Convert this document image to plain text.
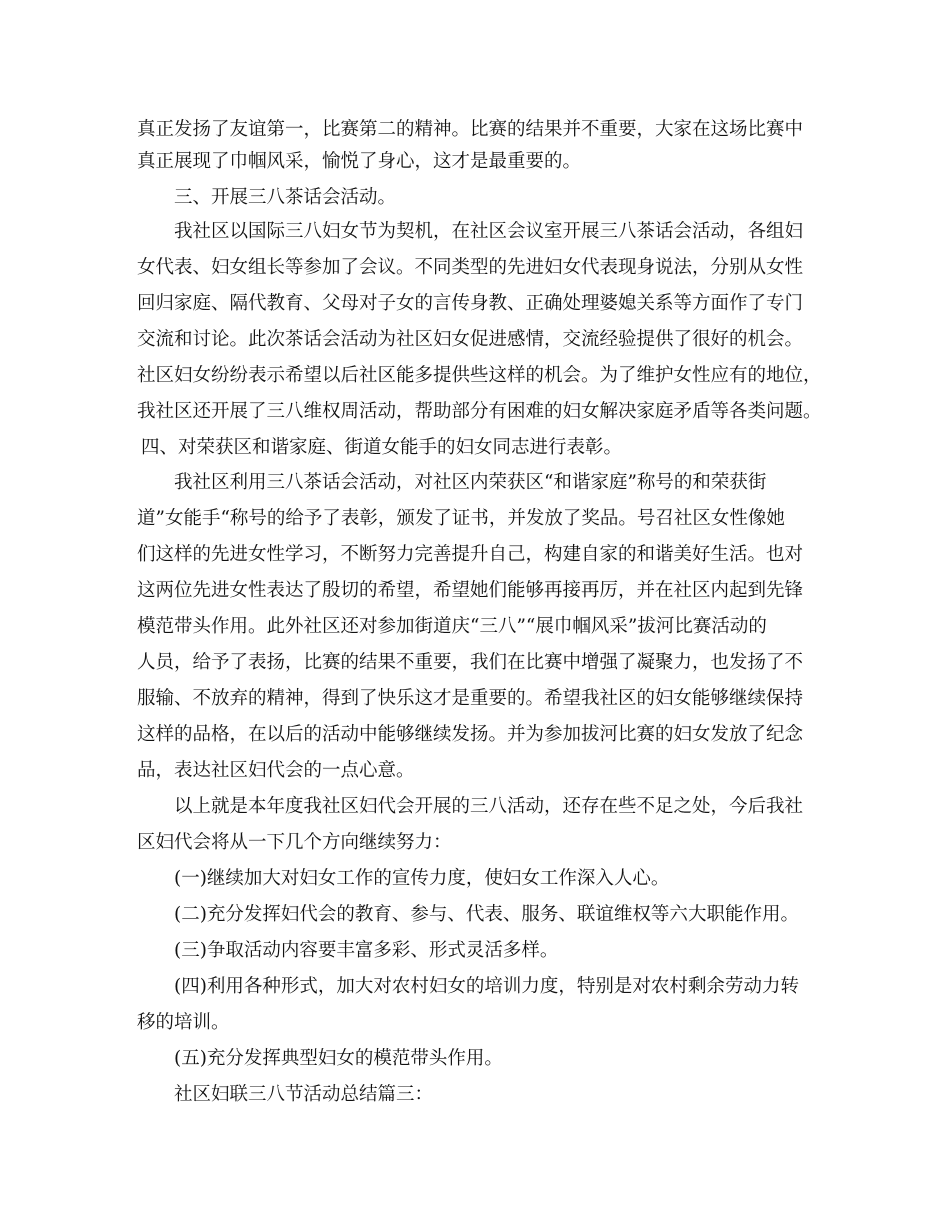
真正发扬了友谊第一，比赛第二的精神。比赛的结果并不重要，大家在这场比赛中
真正展现了巾帼风采，愉悦了身心，这才是最重要的。
三、开展三八茶话会活动。
我社区以国际三八妇女节为契机，在社区会议室开展三八茶话会活动，各组妇
女代表、妇女组长等参加了会议。不同类型的先进妇女代表现身说法，分别从女性
回归家庭、隔代教育、父母对子女的言传身教、正确处理婆媳关系等方面作了专门
交流和讨论。此次茶话会活动为社区妇女促进感情，交流经验提供了很好的机会。
社区妇女纷纷表示希望以后社区能多提供些这样的机会。为了维护女性应有的地位，
我社区还开展了三八维权周活动，帮助部分有困难的妇女解决家庭矛盾等各类问题。
四、对荣获区和谐家庭、街道女能手的妇女同志进行表彰。
我社区利用三八茶话会活动，对社区内荣获区“和谐家庭”称号的和荣获街
道”女能手“称号的给予了表彰，颁发了证书，并发放了奖品。号召社区女性像她
们这样的先进女性学习，不断努力完善提升自己，构建自家的和谐美好生活。也对
这两位先进女性表达了殷切的希望，希望她们能够再接再厉，并在社区内起到先锋
模范带头作用。此外社区还对参加街道庆“三八”“展巾帼风采”拔河比赛活动的
人员，给予了表扬，比赛的结果不重要，我们在比赛中增强了凝聚力，也发扬了不
服输、不放弃的精神，得到了快乐这才是重要的。希望我社区的妇女能够继续保持
这样的品格，在以后的活动中能够继续发扬。并为参加拔河比赛的妇女发放了纪念
品，表达社区妇代会的一点心意。
以上就是本年度我社区妇代会开展的三八活动，还存在些不足之处，今后我社
区妇代会将从一下几个方向继续努力：
(一)继续加大对妇女工作的宣传力度，使妇女工作深入人心。
(二)充分发挥妇代会的教育、参与、代表、服务、联谊维权等六大职能作用。
(三)争取活动内容要丰富多彩、形式灵活多样。
(四)利用各种形式，加大对农村妇女的培训力度，特别是对农村剩余劳动力转
移的培训。
(五)充分发挥典型妇女的模范带头作用。
社区妇联三八节活动总结篇三：
